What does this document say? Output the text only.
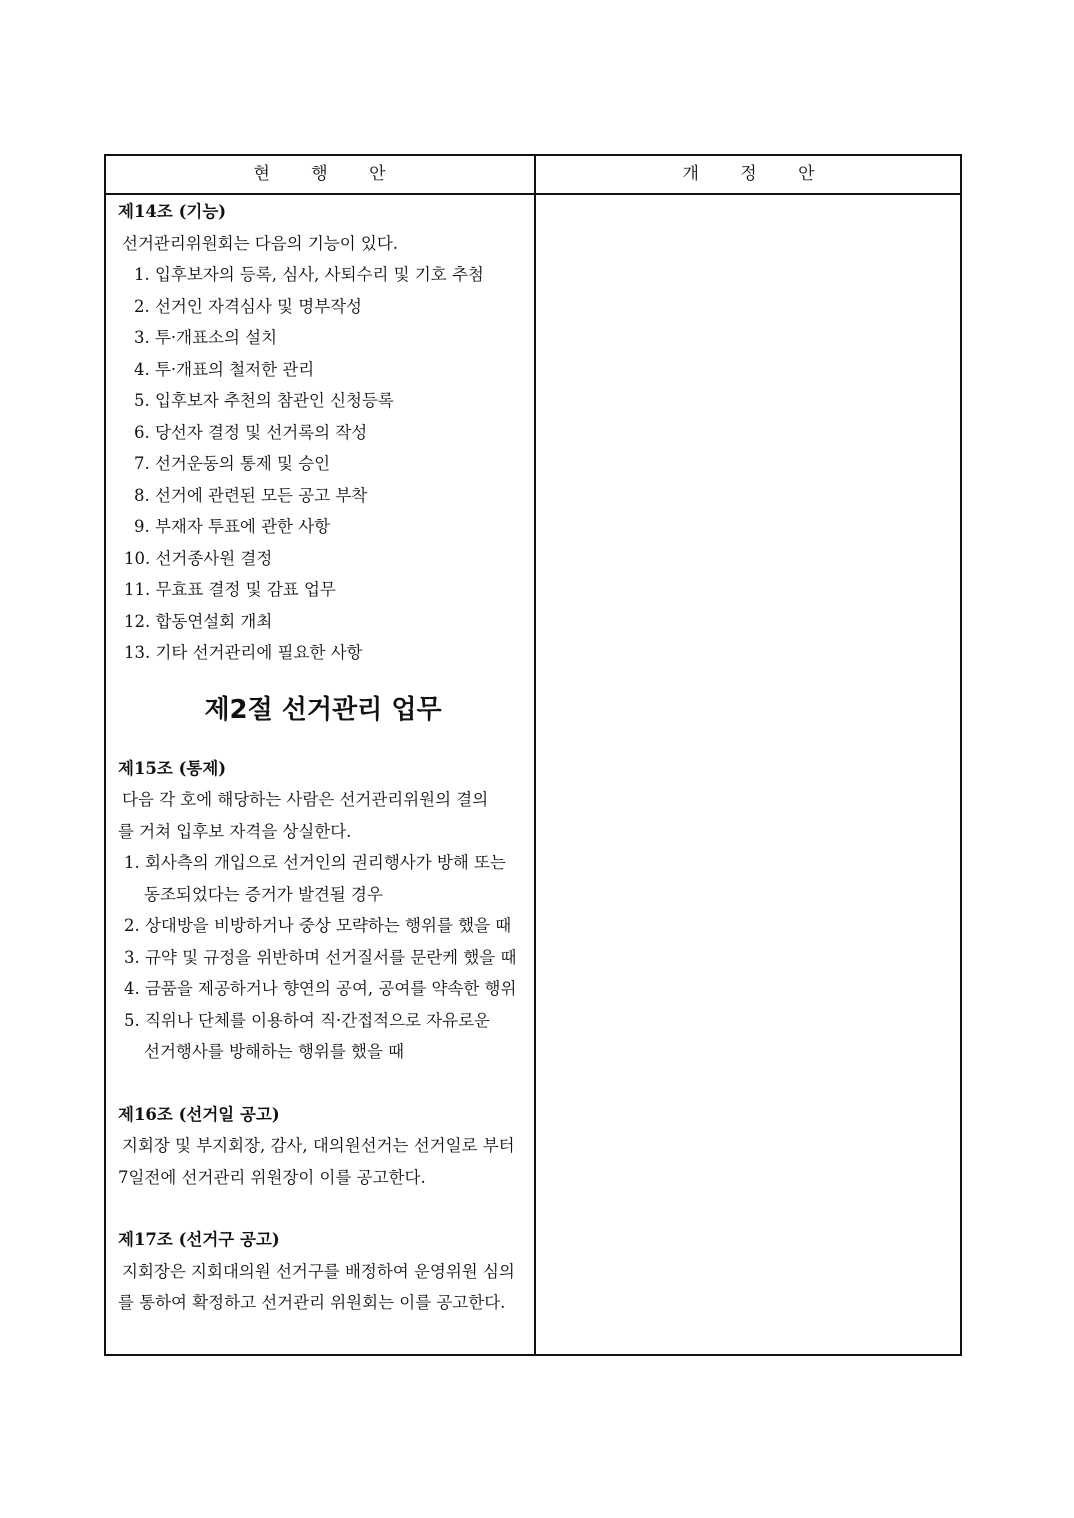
현 행 안	개 정 안
제14조 (기능)
선거관리위원회는 다음의 기능이 있다.
1. 입후보자의 등록, 심사, 사퇴수리 및 기호 추첨
2. 선거인 자격심사 및 명부작성
3. 투·개표소의 설치
4. 투·개표의 철저한 관리
5. 입후보자 추천의 참관인 신청등록
6. 당선자 결정 및 선거록의 작성
7. 선거운동의 통제 및 승인
8. 선거에 관련된 모든 공고 부착
9. 부재자 투표에 관한 사항
10. 선거종사원 결정
11. 무효표 결정 및 감표 업무
12. 합동연설회 개최
13. 기타 선거관리에 필요한 사항
제2절 선거관리 업무
제15조 (통제)
다음 각 호에 해당하는 사람은 선거관리위원의 결의
를 거쳐 입후보 자격을 상실한다.
1. 회사측의 개입으로 선거인의 권리행사가 방해 또는
동조되었다는 증거가 발견될 경우
2. 상대방을 비방하거나 중상 모략하는 행위를 했을 때
3. 규약 및 규정을 위반하며 선거질서를 문란케 했을 때
4. 금품을 제공하거나 향연의 공여, 공여를 약속한 행위
5. 직위나 단체를 이용하여 직·간접적으로 자유로운
선거행사를 방해하는 행위를 했을 때
제16조 (선거일 공고)
지회장 및 부지회장, 감사, 대의원선거는 선거일로 부터
7일전에 선거관리 위원장이 이를 공고한다.
제17조 (선거구 공고)
지회장은 지회대의원 선거구를 배정하여 운영위원 심의
를 통하여 확정하고 선거관리 위원회는 이를 공고한다.
